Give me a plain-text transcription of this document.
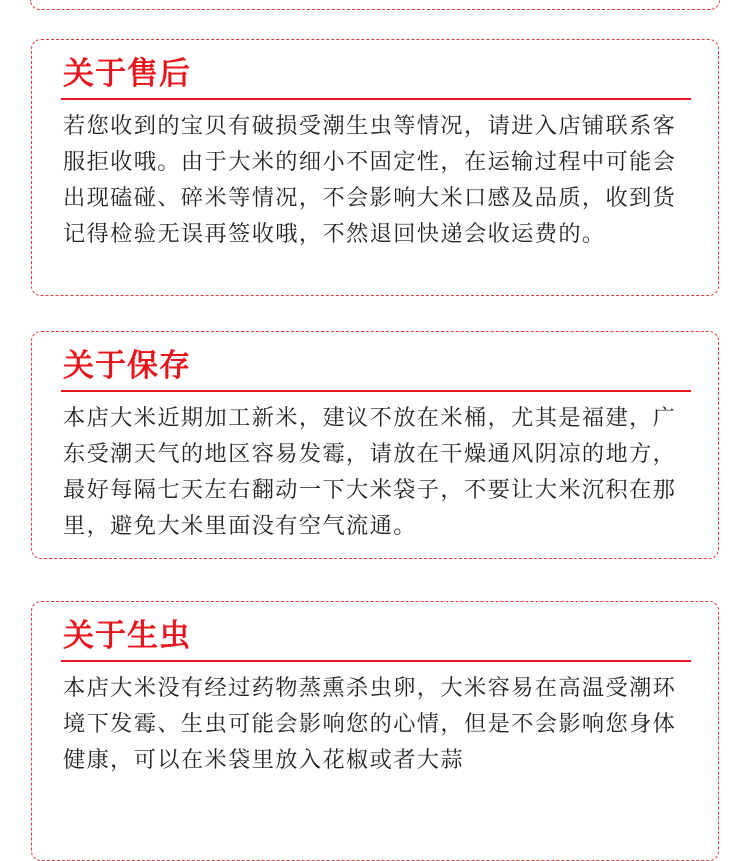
关于售后

若您收到的宝贝有破损受潮生虫等情况，请进入店铺联系客服拒收哦。由于大米的细小不固定性，在运输过程中可能会出现磕碰、碎米等情况，不会影响大米口感及品质，收到货记得检验无误再签收哦，不然退回快递会收运费的。

关于保存

本店大米近期加工新米，建议不放在米桶，尤其是福建，广东受潮天气的地区容易发霉，请放在干燥通风阴凉的地方，最好每隔七天左右翻动一下大米袋子，不要让大米沉积在那里，避免大米里面没有空气流通。

关于生虫

本店大米没有经过药物蒸熏杀虫卵，大米容易在高温受潮环境下发霉、生虫可能会影响您的心情，但是不会影响您身体健康，可以在米袋里放入花椒或者大蒜
